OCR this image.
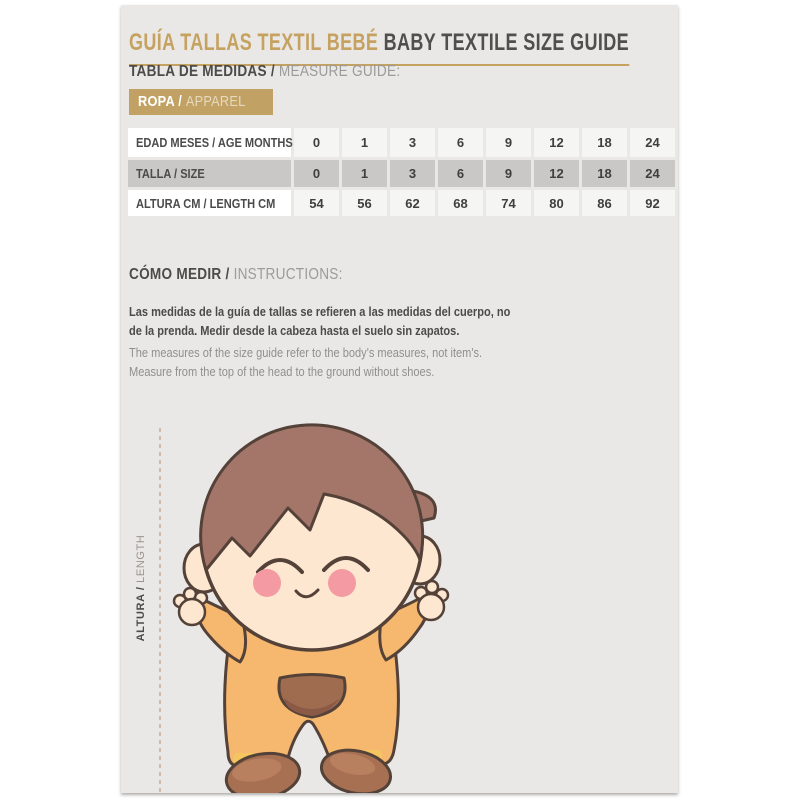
GUÍA TALLAS TEXTIL BEBÉ BABY TEXTILE SIZE GUIDE
TABLA DE MEDIDAS / MEASURE GUIDE:
ROPA / APPAREL
EDAD MESES / AGE MONTHS	0	1	3	6	9	12	18	24
TALLA / SIZE	0	1	3	6	9	12	18	24
ALTURA CM / LENGTH CM	54	56	62	68	74	80	86	92
CÓMO MEDIR / INSTRUCTIONS:
Las medidas de la guía de tallas se refieren a las medidas del cuerpo, no
de la prenda. Medir desde la cabeza hasta el suelo sin zapatos.
The measures of the size guide refer to the body's measures, not item's.
Measure from the top of the head to the ground without shoes.
ALTURA / LENGTH
